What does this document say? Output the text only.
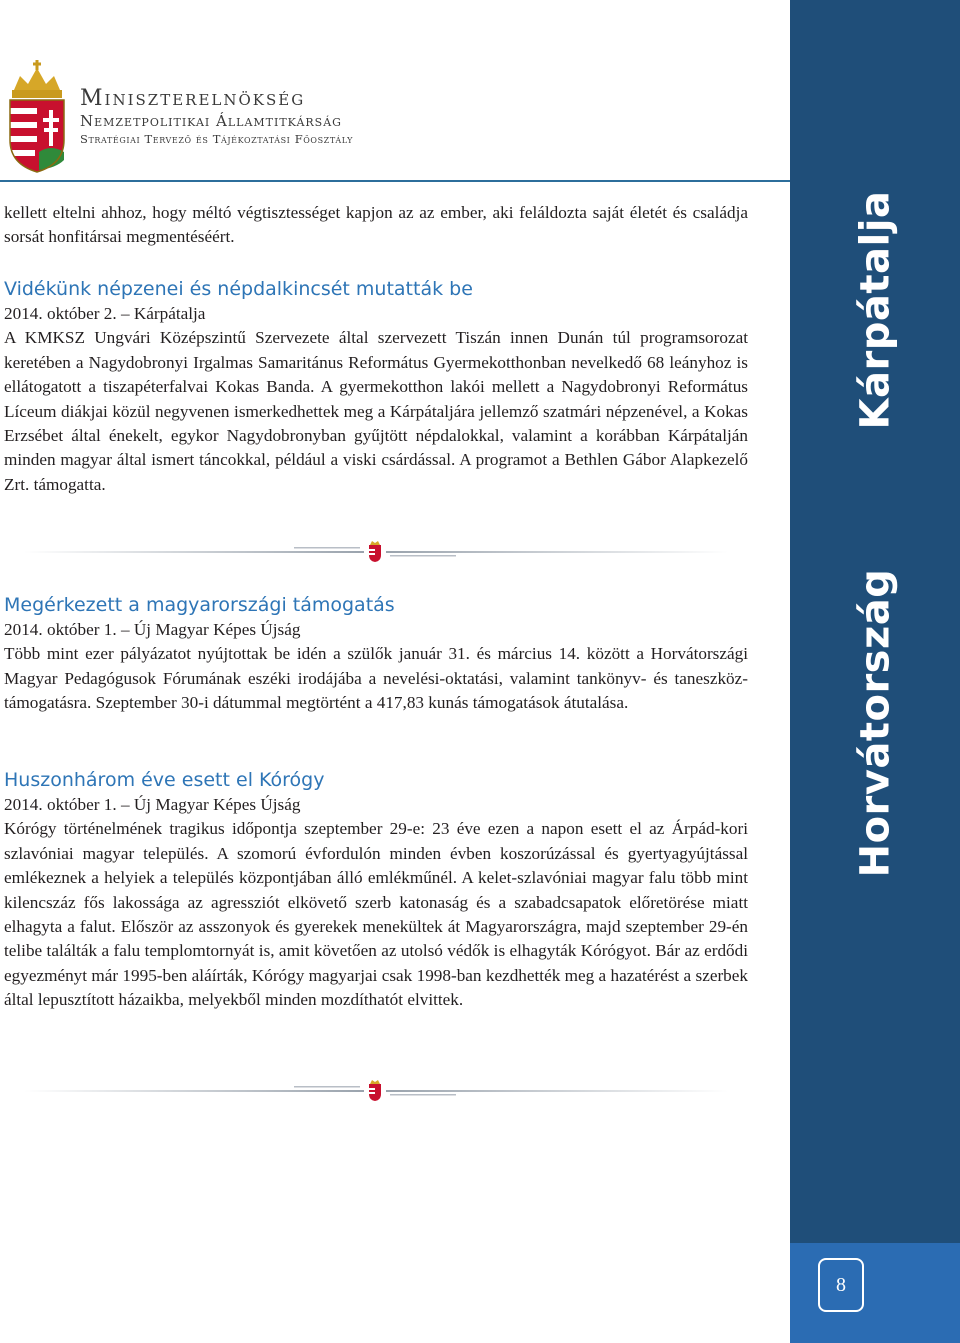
Miniszterelnökség
Nemzetpolitikai Államtitkárság
Stratégiai Tervező és Tájékoztatási Főosztály
Kárpátalja
Horvátország
8

kellett eltelni ahhoz, hogy méltó végtisztességet kapjon az az ember, aki feláldozta saját életét és családja sorsát honfitársai megmentéséért.

Vidékünk népzenei és népdalkincsét mutatták be
2014. október 2. – Kárpátalja

A KMKSZ Ungvári Középszintű Szervezete által szervezett Tiszán innen Dunán túl programsorozat keretében a Nagydobronyi Irgalmas Samaritánus Református Gyermekotthonban nevelkedő 68 leányhoz is ellátogatott a tiszapéterfalvai Kokas Banda. A gyermekotthon lakói mellett a Nagydobronyi Református Líceum diákjai közül negyvenen ismerkedhettek meg a Kárpátaljára jellemző szatmári népzenével, a Kokas Erzsébet által énekelt, egykor Nagydobronyban gyűjtött népdalokkal, valamint a korábban Kárpátalján minden magyar által ismert táncokkal, például a viski csárdással. A programot a Bethlen Gábor Alapkezelő Zrt. támogatta.

Megérkezett a magyarországi támogatás
2014. október 1. – Új Magyar Képes Újság

Több mint ezer pályázatot nyújtottak be idén a szülők január 31. és március 14. között a Horvátországi Magyar Pedagógusok Fórumának eszéki irodájába a nevelési-oktatási, valamint tankönyv- és taneszköz-támogatásra. Szeptember 30-i dátummal megtörtént a 417,83 kunás támogatások átutalása.

Huszonhárom éve esett el Kórógy
2014. október 1. – Új Magyar Képes Újság

Kórógy történelmének tragikus időpontja szeptember 29-e: 23 éve ezen a napon esett el az Árpád-kori szlavóniai magyar település. A szomorú évfordulón minden évben koszorúzással és gyertyagyújtással emlékeznek a helyiek a település központjában álló emlékműnél. A kelet-szlavóniai magyar falu több mint kilencszáz fős lakossága az agressziót elkövető szerb katonaság és a szabadcsapatok előretörése miatt elhagyta a falut. Először az asszonyok és gyerekek menekültek át Magyarországra, majd szeptember 29-én telibe találták a falu templomtornyát is, amit követően az utolsó védők is elhagyták Kórógyot. Bár az erdődi egyezményt már 1995-ben aláírták, Kórógy magyarjai csak 1998-ban kezdhették meg a hazatérést a szerbek által lepusztított házaikba, melyekből minden mozdíthatót elvittek.
